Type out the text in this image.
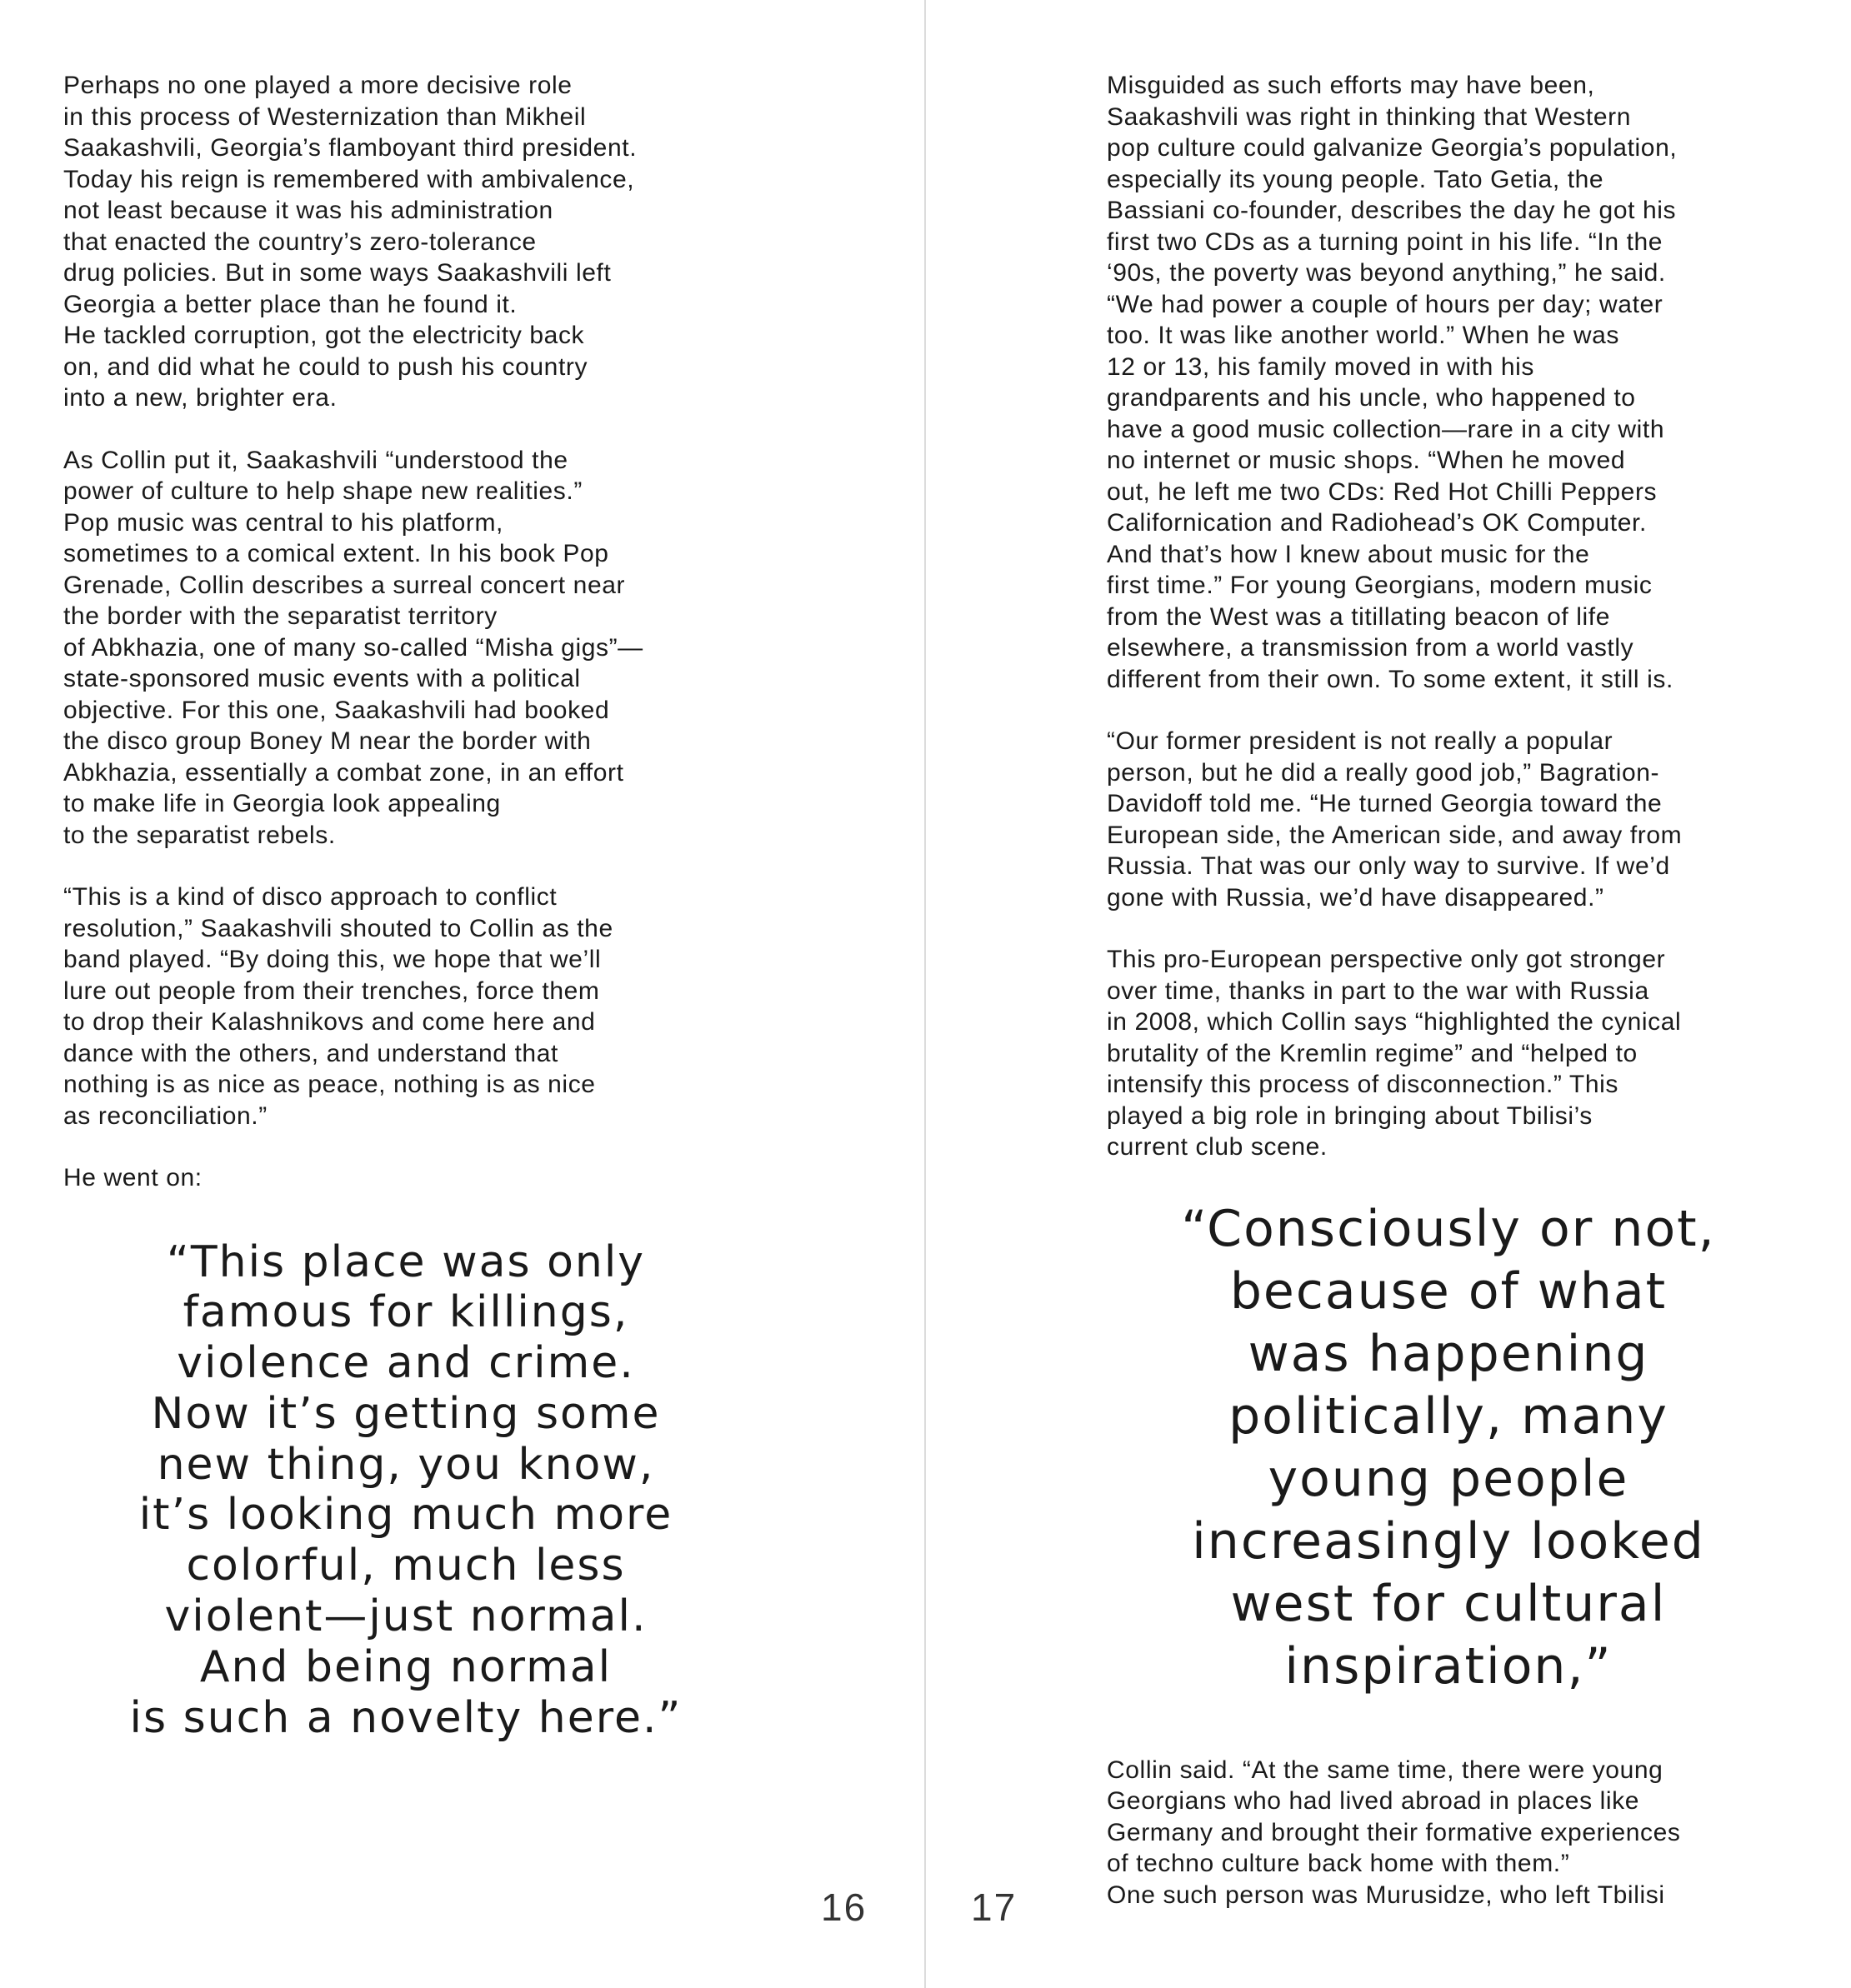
Perhaps no one played a more decisive role
in this process of Westernization than Mikheil
Saakashvili, Georgia’s flamboyant third president.
Today his reign is remembered with ambivalence,
not least because it was his administration
that enacted the country’s zero-tolerance
drug policies. But in some ways Saakashvili left
Georgia a better place than he found it.
He tackled corruption, got the electricity back
on, and did what he could to push his country
into a new, brighter era.

As Collin put it, Saakashvili “understood the
power of culture to help shape new realities.”
Pop music was central to his platform,
sometimes to a comical extent. In his book Pop
Grenade, Collin describes a surreal concert near
the border with the separatist territory
of Abkhazia, one of many so-called “Misha gigs”—
state-sponsored music events with a political
objective. For this one, Saakashvili had booked
the disco group Boney M near the border with
Abkhazia, essentially a combat zone, in an effort
to make life in Georgia look appealing
to the separatist rebels.

“This is a kind of disco approach to conflict
resolution,” Saakashvili shouted to Collin as the
band played. “By doing this, we hope that we’ll
lure out people from their trenches, force them
to drop their Kalashnikovs and come here and
dance with the others, and understand that
nothing is as nice as peace, nothing is as nice
as reconciliation.”

He went on:

“This place was only
famous for killings,
violence and crime.
Now it’s getting some
new thing, you know,
it’s looking much more
colorful, much less
violent—just normal.
And being normal
is such a novelty here.”

16

Misguided as such efforts may have been,
Saakashvili was right in thinking that Western
pop culture could galvanize Georgia’s population,
especially its young people. Tato Getia, the
Bassiani co-founder, describes the day he got his
first two CDs as a turning point in his life. “In the
‘90s, the poverty was beyond anything,” he said.
“We had power a couple of hours per day; water
too. It was like another world.” When he was
12 or 13, his family moved in with his
grandparents and his uncle, who happened to
have a good music collection—rare in a city with
no internet or music shops. “When he moved
out, he left me two CDs: Red Hot Chilli Peppers
Californication and Radiohead’s OK Computer.
And that’s how I knew about music for the
first time.” For young Georgians, modern music
from the West was a titillating beacon of life
elsewhere, a transmission from a world vastly
different from their own. To some extent, it still is.

“Our former president is not really a popular
person, but he did a really good job,” Bagration-
Davidoff told me. “He turned Georgia toward the
European side, the American side, and away from
Russia. That was our only way to survive. If we’d
gone with Russia, we’d have disappeared.”

This pro-European perspective only got stronger
over time, thanks in part to the war with Russia
in 2008, which Collin says “highlighted the cynical
brutality of the Kremlin regime” and “helped to
intensify this process of disconnection.” This
played a big role in bringing about Tbilisi’s
current club scene.

“Consciously or not,
because of what
was happening
politically, many
young people
increasingly looked
west for cultural
inspiration,”

Collin said. “At the same time, there were young
Georgians who had lived abroad in places like
Germany and brought their formative experiences
of techno culture back home with them.”
One such person was Murusidze, who left Tbilisi

17
